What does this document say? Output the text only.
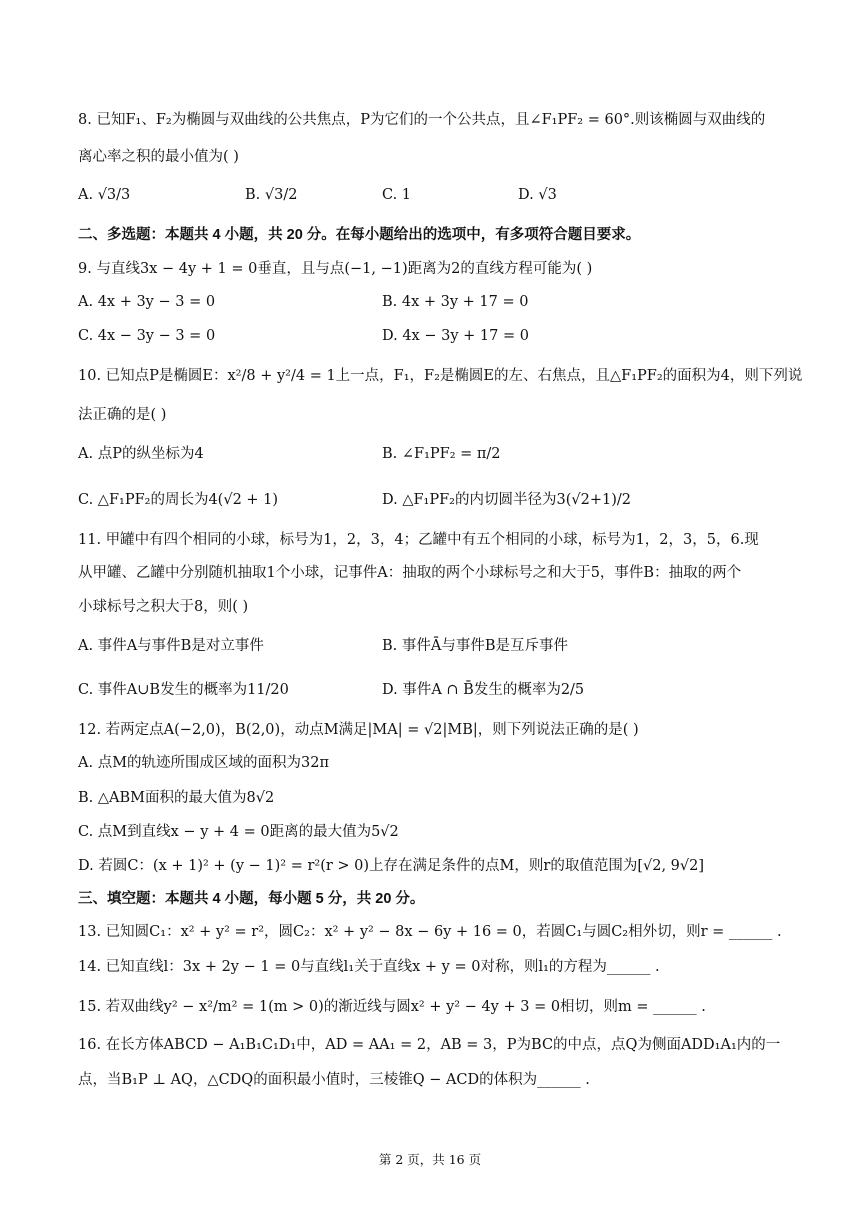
8. 已知F₁、F₂为椭圆与双曲线的公共焦点，P为它们的一个公共点，且∠F₁PF₂ = 60°.则该椭圆与双曲线的
离心率之积的最小值为( )
A. √3/3	B. √3/2	C. 1	D. √3
二、多选题：本题共 4 小题，共 20 分。在每小题给出的选项中，有多项符合题目要求。
9. 与直线3x − 4y + 1 = 0垂直，且与点(−1, −1)距离为2的直线方程可能为( )
A. 4x + 3y − 3 = 0	B. 4x + 3y + 17 = 0
C. 4x − 3y − 3 = 0	D. 4x − 3y + 17 = 0
10. 已知点P是椭圆E：x²/8 + y²/4 = 1上一点，F₁，F₂是椭圆E的左、右焦点，且△F₁PF₂的面积为4，则下列说
法正确的是( )
A. 点P的纵坐标为4	B. ∠F₁PF₂ = π/2
C. △F₁PF₂的周长为4(√2 + 1)	D. △F₁PF₂的内切圆半径为3(√2+1)/2
11. 甲罐中有四个相同的小球，标号为1，2，3，4；乙罐中有五个相同的小球，标号为1，2，3，5，6.现
从甲罐、乙罐中分别随机抽取1个小球，记事件A：抽取的两个小球标号之和大于5，事件B：抽取的两个
小球标号之积大于8，则( )
A. 事件A与事件B是对立事件	B. 事件Ā与事件B是互斥事件
C. 事件A∪B发生的概率为11/20	D. 事件A ∩ B̄发生的概率为2/5
12. 若两定点A(−2,0)，B(2,0)，动点M满足|MA| = √2|MB|，则下列说法正确的是( )
A. 点M的轨迹所围成区域的面积为32π
B. △ABM面积的最大值为8√2
C. 点M到直线x − y + 4 = 0距离的最大值为5√2
D. 若圆C：(x + 1)² + (y − 1)² = r²(r > 0)上存在满足条件的点M，则r的取值范围为[√2, 9√2]
三、填空题：本题共 4 小题，每小题 5 分，共 20 分。
13. 已知圆C₁：x² + y² = r²，圆C₂：x² + y² − 8x − 6y + 16 = 0，若圆C₁与圆C₂相外切，则r = ______ .
14. 已知直线l：3x + 2y − 1 = 0与直线l₁关于直线x + y = 0对称，则l₁的方程为______ .
15. 若双曲线y² − x²/m² = 1(m > 0)的渐近线与圆x² + y² − 4y + 3 = 0相切，则m = ______ .
16. 在长方体ABCD − A₁B₁C₁D₁中，AD = AA₁ = 2，AB = 3，P为BC的中点，点Q为侧面ADD₁A₁内的一
点，当B₁P ⊥ AQ，△CDQ的面积最小值时，三棱锥Q − ACD的体积为______ .
第 2 页，共 16 页
